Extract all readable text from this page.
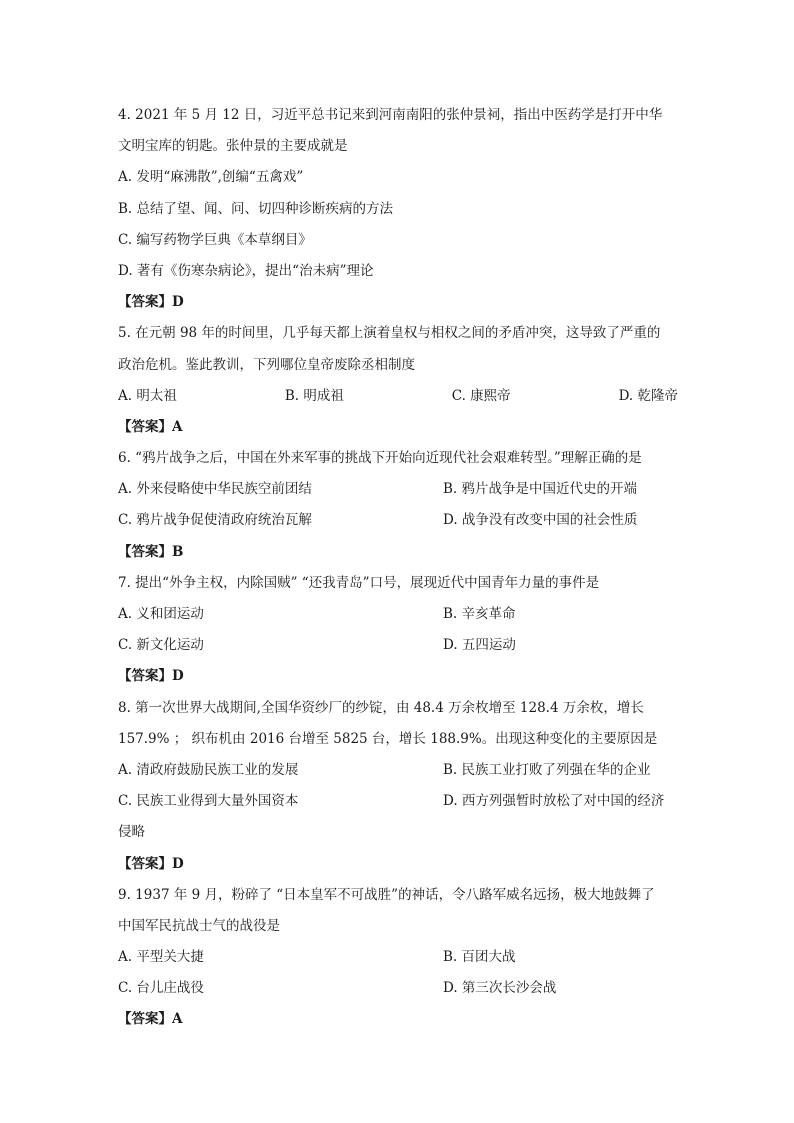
4. 2021 年 5 月 12 日，习近平总书记来到河南南阳的张仲景祠，指出中医药学是打开中华
文明宝库的钥匙。张仲景的主要成就是
A. 发明“麻沸散”,创编“五禽戏”
B. 总结了望、闻、问、切四种诊断疾病的方法
C. 编写药物学巨典《本草纲目》
D. 著有《伤寒杂病论》，提出“治未病”理论
【答案】D
5. 在元朝 98 年的时间里，几乎每天都上演着皇权与相权之间的矛盾冲突，这导致了严重的
政治危机。鉴此教训，下列哪位皇帝废除丞相制度
A. 明太祖	B. 明成祖	C. 康熙帝	D. 乾隆帝
【答案】A
6. “鸦片战争之后，中国在外来军事的挑战下开始向近现代社会艰难转型。”理解正确的是
A. 外来侵略使中华民族空前团结	B. 鸦片战争是中国近代史的开端
C. 鸦片战争促使清政府统治瓦解	D. 战争没有改变中国的社会性质
【答案】B
7. 提出“外争主权，内除国贼” “还我青岛”口号，展现近代中国青年力量的事件是
A. 义和团运动	B. 辛亥革命
C. 新文化运动	D. 五四运动
【答案】D
8. 第一次世界大战期间,全国华资纱厂的纱锭，由 48.4 万余枚增至 128.4 万余枚，增长
157.9% ； 织布机由 2016 台增至 5825 台，增长 188.9%。出现这种变化的主要原因是
A. 清政府鼓励民族工业的发展	B. 民族工业打败了列强在华的企业
C. 民族工业得到大量外国资本	D. 西方列强暂时放松了对中国的经济
侵略
【答案】D
9. 1937 年 9 月，粉碎了 “日本皇军不可战胜”的神话，令八路军威名远扬，极大地鼓舞了
中国军民抗战士气的战役是
A. 平型关大捷	B. 百团大战
C. 台儿庄战役	D. 第三次长沙会战
【答案】A
